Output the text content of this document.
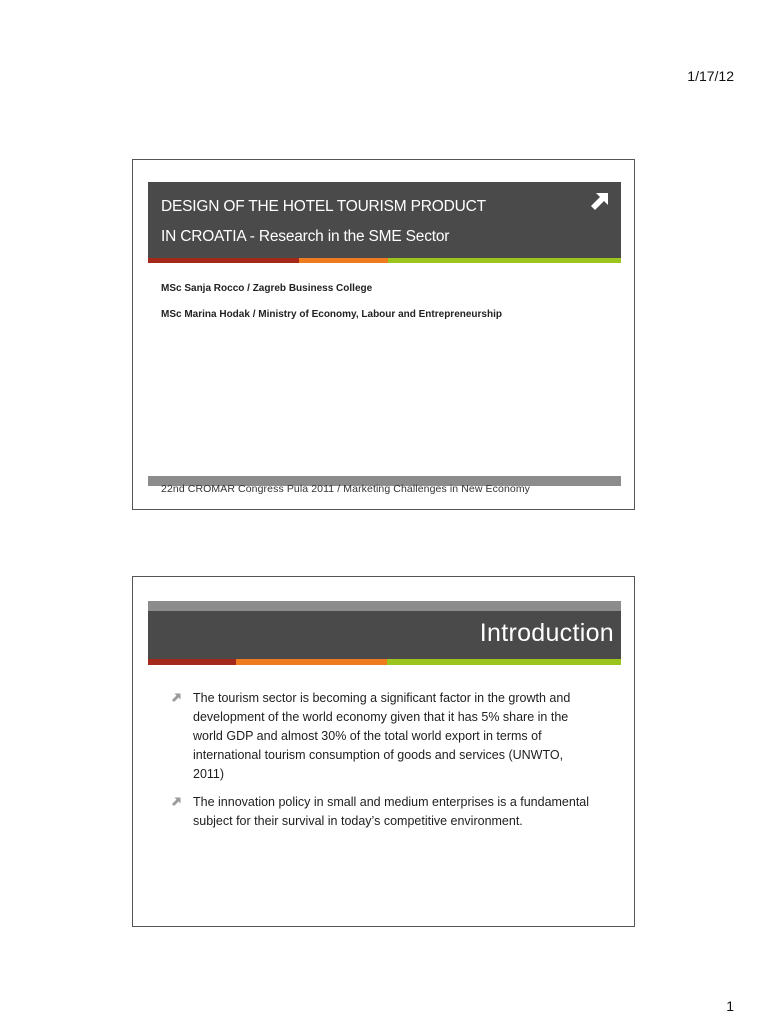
1/17/12
DESIGN OF THE HOTEL TOURISM PRODUCT
IN CROATIA - Research in the SME Sector
MSc Sanja Rocco / Zagreb Business College
MSc Marina Hodak / Ministry of Economy, Labour and Entrepreneurship
22nd CROMAR Congress Pula 2011 / Marketing Challenges in New Economy
Introduction
The tourism sector is becoming a significant factor in the growth and development of the world economy given that it has 5% share in the world GDP and almost 30% of the total world export in terms of international tourism consumption of goods and services (UNWTO, 2011)
The innovation policy in small and medium enterprises is a fundamental subject for their survival in today’s competitive environment.
1
